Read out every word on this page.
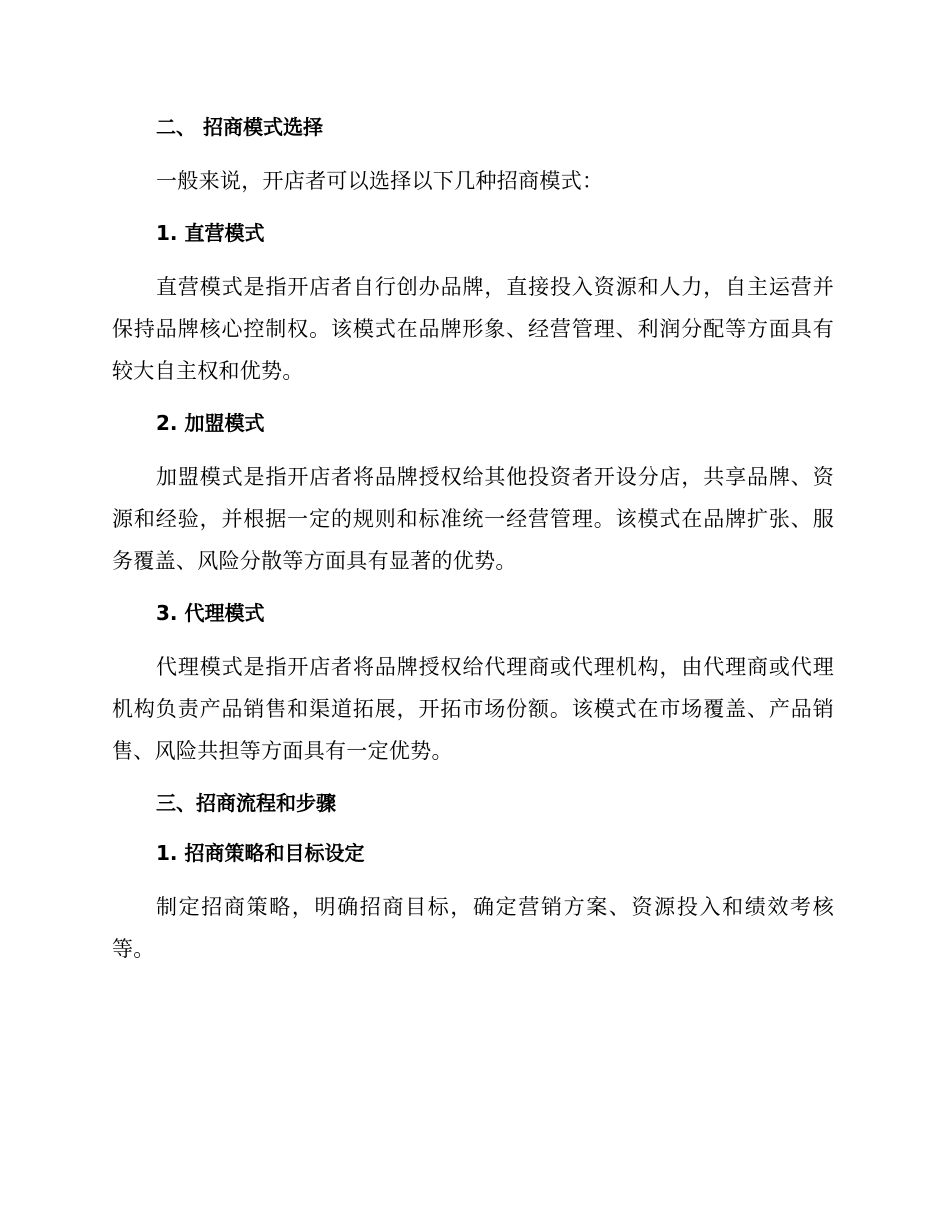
二、 招商模式选择

一般来说，开店者可以选择以下几种招商模式：

1. 直营模式

直营模式是指开店者自行创办品牌，直接投入资源和人力，自主运营并保持品牌核心控制权。该模式在品牌形象、经营管理、利润分配等方面具有较大自主权和优势。

2. 加盟模式

加盟模式是指开店者将品牌授权给其他投资者开设分店，共享品牌、资源和经验，并根据一定的规则和标准统一经营管理。该模式在品牌扩张、服务覆盖、风险分散等方面具有显著的优势。

3. 代理模式

代理模式是指开店者将品牌授权给代理商或代理机构，由代理商或代理机构负责产品销售和渠道拓展，开拓市场份额。该模式在市场覆盖、产品销售、风险共担等方面具有一定优势。

三、招商流程和步骤

1. 招商策略和目标设定

制定招商策略，明确招商目标，确定营销方案、资源投入和绩效考核等。
